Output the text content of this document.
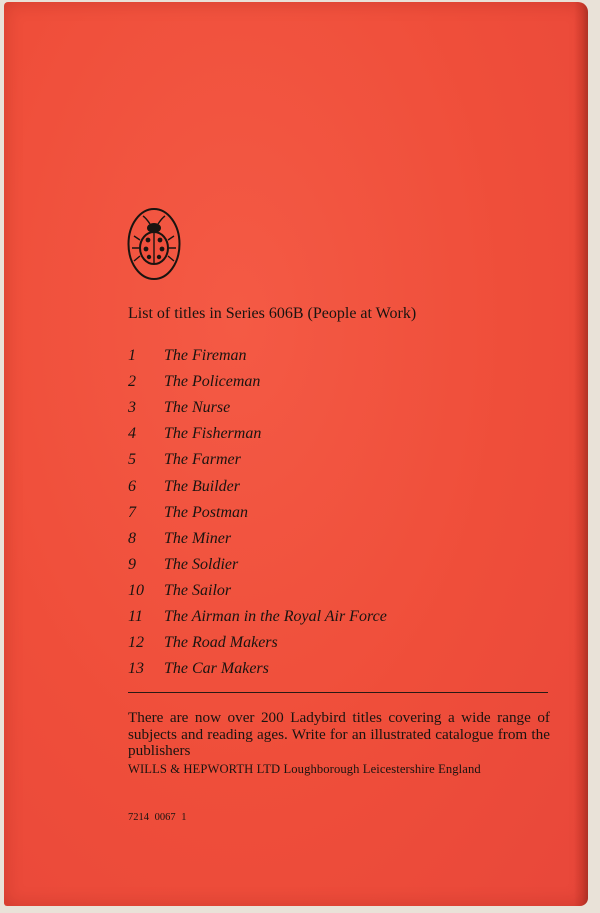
List of titles in Series 606B (People at Work)
1	The Fireman
2	The Policeman
3	The Nurse
4	The Fisherman
5	The Farmer
6	The Builder
7	The Postman
8	The Miner
9	The Soldier
10	The Sailor
11	The Airman in the Royal Air Force
12	The Road Makers
13	The Car Makers
There are now over 200 Ladybird titles covering a wide range of subjects and reading ages. Write for an illustrated catalogue from the publishers
WILLS & HEPWORTH LTD Loughborough Leicestershire England
7214 0067 1
